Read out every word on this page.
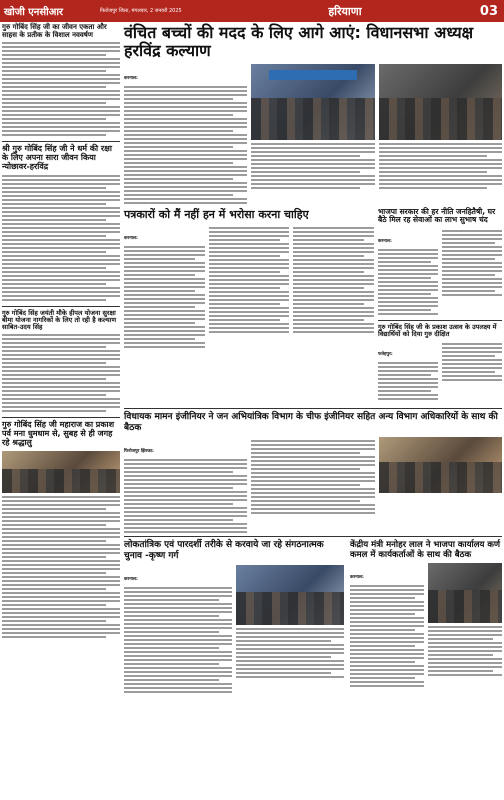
खोजी एनसीआर	फिरोजपुर जिला, मंगलवार, 2 जनवरी 2025	हरियाणा	03
गुरु गोबिंद सिंह जी का जीवन एकता और साहस के प्रतीक के विशाल नववर्षण
श्री गुरु गोबिंद सिंह जी ने धर्म की रक्षा के लिए अपना सारा जीवन किया न्योछावर-हरविंद्र
गुरु गोबिंद सिंह जयंती मौके हीपल योजना सुरक्षा बीमा योजना नागरिकों के लिए तो रही है कल्याण साबित-उदय सिंह
गुरु गोबिंद सिंह जी महाराज का प्रकाश पर्व मना धुमधाम से, सुबह से ही जगह रहे श्रद्धालु
वंचित बच्चों की मदद के लिए आगे आएं: विधानसभा अध्यक्ष हरविंद्र कल्याण
करनाल:
पत्रकारों को मैं नहीं हन में भरोसा करना चाहिए
करनाल:
भाजपा सरकार की हर नीति जनहितैषी, घर बैठे मिल रह सेवाओं का लाभ सुभाष चंद
करनाल:
गुरु गोबिंद सिंह जी के प्रकाश उत्सव के उपलक्ष्य में विद्यार्थियों को दिया गुरु दीक्षित
फतेहपुर:
विधायक मामन इंजीनियर ने जन अभियांत्रिक विभाग के चीफ इंजीनियर सहित अन्य विभाग अधिकारियों के साथ की बैठक
फिरोजपुर झिरका:
लोकतांत्रिक एवं पारदर्शी तरीके से करवाये जा रहे संगठनात्मक चुनाव -कृष्ण गर्ग
करनाल:
केंद्रीय मंत्री मनोहर लाल ने भाजपा कार्यालय कर्ण कमल में कार्यकर्ताओं के साथ की बैठक
करनाल:
